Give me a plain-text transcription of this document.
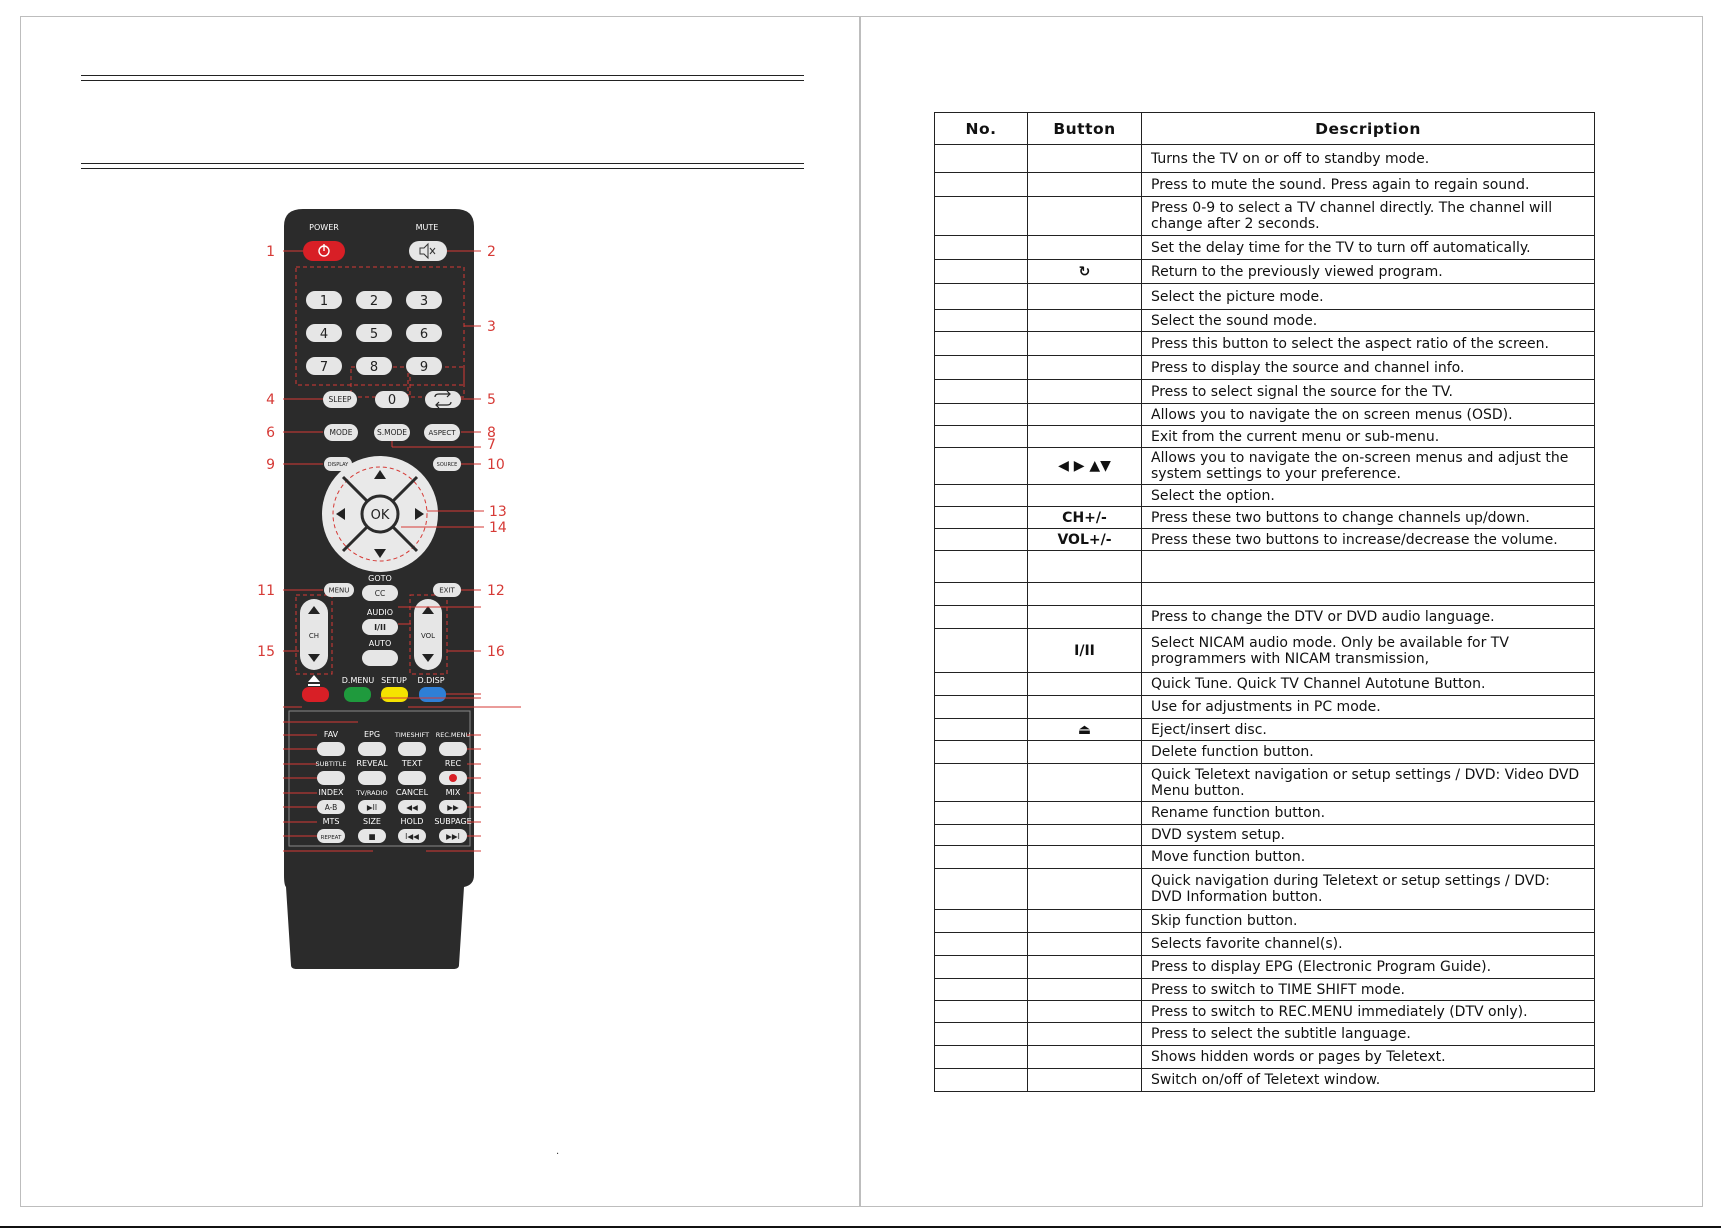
POWER	MUTE
1	2	3
4	5	6
7	8	9
SLEEP	0
MODE	S.MODE	ASPECT
DISPLAY	SOURCE
MENU	EXIT
OK
GOTO
CC
AUDIO
I/II
AUTO
CH	VOL
D.MENU SETUP D.DISP
FAV	EPG TIMESHIFT REC.MENU
SUBTITLE REVEAL TEXT	REC
INDEX TV/RADIO CANCEL MIX
MTS	SIZE HOLD SUBPAGE
A-B	▶II	◀◀	▶▶
REPEAT	■	I◀◀	▶▶I
1	2
3
4	5
6
7
8
9	10
11	12
13
14
15	16
.
No.	Button	Description
		Turns the TV on or off to standby mode.
		Press to mute the sound. Press again to regain sound.
		Press 0-9 to select a TV channel directly. The channel will change after 2 seconds.
		Set the delay time for the TV to turn off automatically.
	↻	Return to the previously viewed program.
		Select the picture mode.
		Select the sound mode.
		Press this button to select the aspect ratio of the screen.
		Press to display the source and channel info.
		Press to select signal the source for the TV.
		Allows you to navigate the on screen menus (OSD).
		Exit from the current menu or sub-menu.
	◀ ▶ ▲▼	Allows you to navigate the on-screen menus and adjust the system settings to your preference.
		Select the option.
	CH+/-	Press these two buttons to change channels up/down.
	VOL+/-	Press these two buttons to increase/decrease the volume.

		Press to change the DTV or DVD audio language.
	I/II	Select NICAM audio mode. Only be available for TV programmers with NICAM transmission,
		Quick Tune. Quick TV Channel Autotune Button.
		Use for adjustments in PC mode.
	⏏	Eject/insert disc.
		Delete function button.
		Quick Teletext navigation or setup settings / DVD: Video DVD Menu button.
		Rename function button.
		DVD system setup.
		Move function button.
		Quick navigation during Teletext or setup settings / DVD: DVD Information button.
		Skip function button.
		Selects favorite channel(s).
		Press to display EPG (Electronic Program Guide).
		Press to switch to TIME SHIFT mode.
		Press to switch to REC.MENU immediately (DTV only).
		Press to select the subtitle language.
		Shows hidden words or pages by Teletext.
		Switch on/off of Teletext window.
